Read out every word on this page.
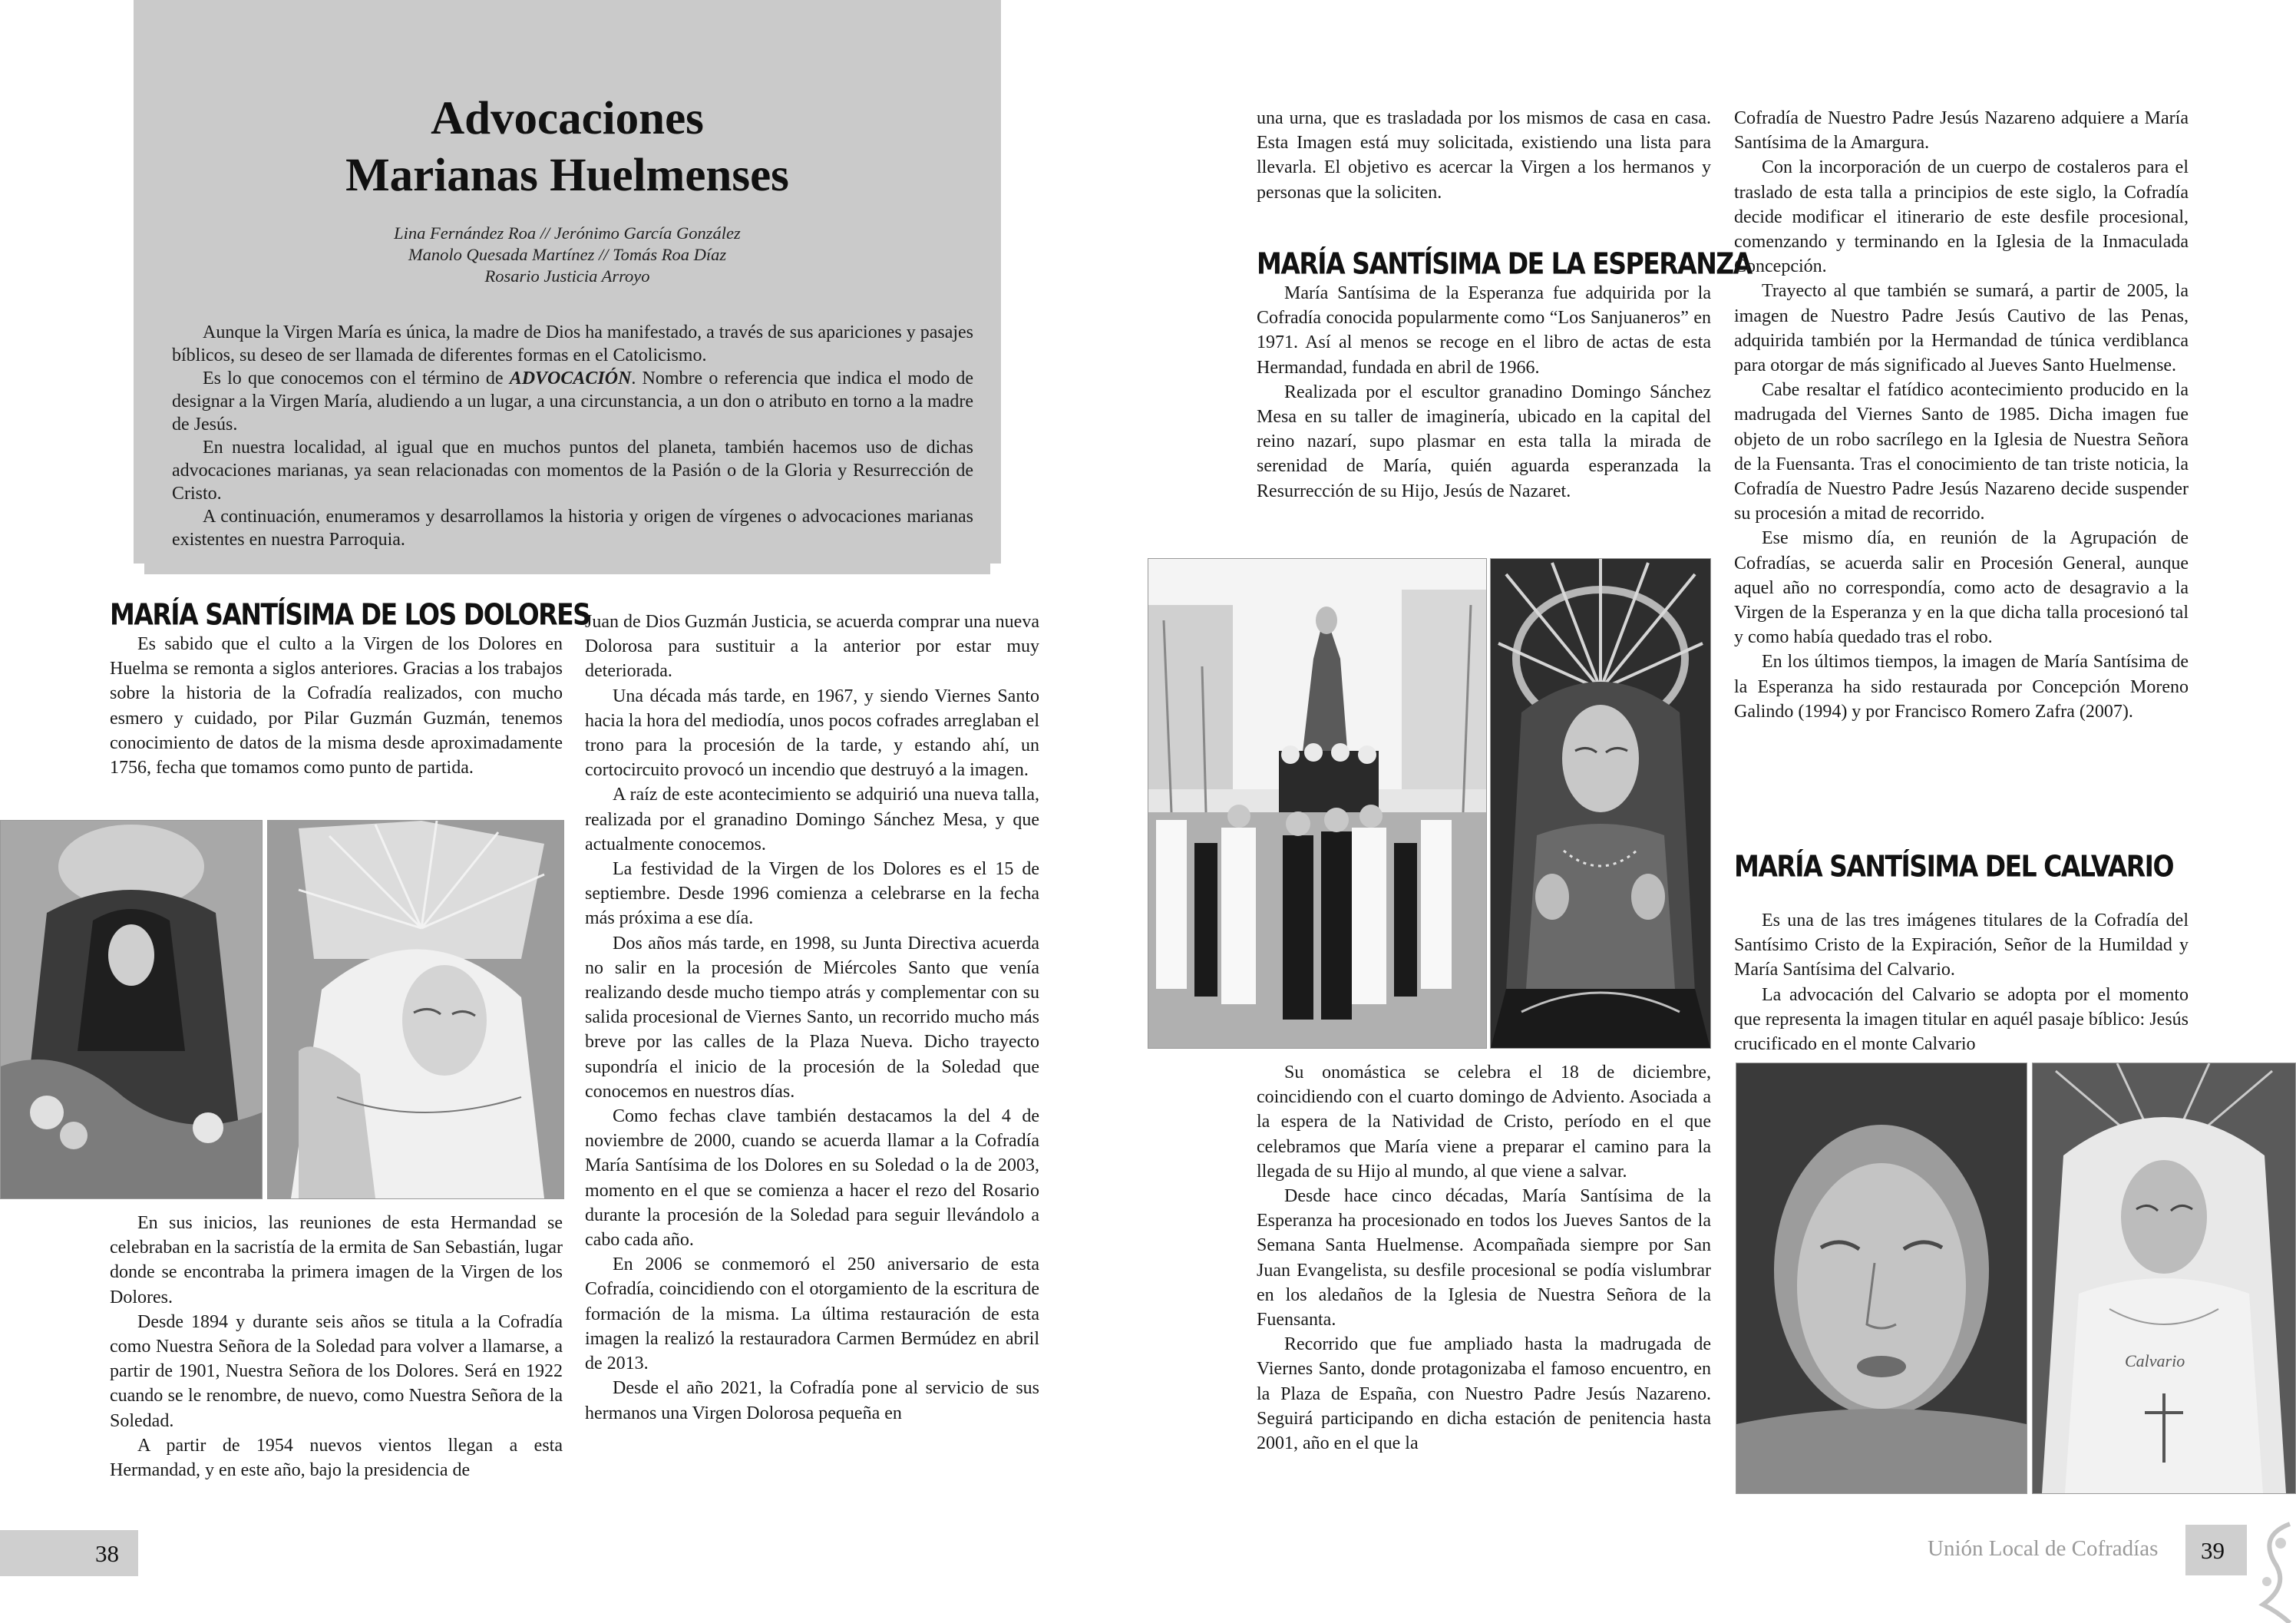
Advocaciones
Marianas Huelmenses
Lina Fernández Roa // Jerónimo García González
Manolo Quesada Martínez // Tomás Roa Díaz
Rosario Justicia Arroyo

Aunque la Virgen María es única, la madre de Dios ha manifestado, a través de sus apariciones y pasajes bíblicos, su deseo de ser llamada de diferentes formas en el Catolicismo.

Es lo que conocemos con el término de ADVOCACIÓN. Nombre o referencia que indica el modo de designar a la Virgen María, aludiendo a un lugar, a una circunstancia, a un don o atributo en torno a la madre de Jesús.

En nuestra localidad, al igual que en muchos puntos del planeta, también hacemos uso de dichas advocaciones marianas, ya sean relacionadas con momentos de la Pasión o de la Gloria y Resurrección de Cristo.

A continuación, enumeramos y desarrollamos la historia y origen de vírgenes o advocaciones marianas existentes en nuestra Parroquia.

MARÍA SANTÍSIMA DE LOS DOLORES

Es sabido que el culto a la Virgen de los Dolores en Huelma se remonta a siglos anteriores. Gracias a los trabajos sobre la historia de la Cofradía realizados, con mucho esmero y cuidado, por Pilar Guzmán Guzmán, tenemos conocimiento de datos de la misma desde aproximadamente 1756, fecha que tomamos como punto de partida.

En sus inicios, las reuniones de esta Hermandad se celebraban en la sacristía de la ermita de San Sebastián, lugar donde se encontraba la primera imagen de la Virgen de los Dolores.

Desde 1894 y durante seis años se titula a la Cofradía como Nuestra Señora de la Soledad para volver a llamarse, a partir de 1901, Nuestra Señora de los Dolores. Será en 1922 cuando se le renombre, de nuevo, como Nuestra Señora de la Soledad.

A partir de 1954 nuevos vientos llegan a esta Hermandad, y en este año, bajo la presidencia de

Juan de Dios Guzmán Justicia, se acuerda comprar una nueva Dolorosa para sustituir a la anterior por estar muy deteriorada.

Una década más tarde, en 1967, y siendo Viernes Santo hacia la hora del mediodía, unos pocos cofrades arreglaban el trono para la procesión de la tarde, y estando ahí, un cortocircuito provocó un incendio que destruyó a la imagen.

A raíz de este acontecimiento se adquirió una nueva talla, realizada por el granadino Domingo Sánchez Mesa, y que actualmente conocemos.

La festividad de la Virgen de los Dolores es el 15 de septiembre. Desde 1996 comienza a celebrarse en la fecha más próxima a ese día.

Dos años más tarde, en 1998, su Junta Directiva acuerda no salir en la procesión de Miércoles Santo que venía realizando desde mucho tiempo atrás y complementar con su salida procesional de Viernes Santo, un recorrido mucho más breve por las calles de la Plaza Nueva. Dicho trayecto supondría el inicio de la procesión de la Soledad que conocemos en nuestros días.

Como fechas clave también destacamos la del 4 de noviembre de 2000, cuando se acuerda llamar a la Cofradía María Santísima de los Dolores en su Soledad o la de 2003, momento en el que se comienza a hacer el rezo del Rosario durante la procesión de la Soledad para seguir llevándolo a cabo cada año.

En 2006 se conmemoró el 250 aniversario de esta Cofradía, coincidiendo con el otorgamiento de la escritura de formación de la misma. La última restauración de esta imagen la realizó la restauradora Carmen Bermúdez en abril de 2013.

Desde el año 2021, la Cofradía pone al servicio de sus hermanos una Virgen Dolorosa pequeña en

38

una urna, que es trasladada por los mismos de casa en casa. Esta Imagen está muy solicitada, existiendo una lista para llevarla. El objetivo es acercar la Virgen a los hermanos y personas que la soliciten.

MARÍA SANTÍSIMA DE LA ESPERANZA

María Santísima de la Esperanza fue adquirida por la Cofradía conocida popularmente como “Los Sanjuaneros” en 1971. Así al menos se recoge en el libro de actas de esta Hermandad, fundada en abril de 1966.

Realizada por el escultor granadino Domingo Sánchez Mesa en su taller de imaginería, ubicado en la capital del reino nazarí, supo plasmar en esta talla la mirada de serenidad de María, quién aguarda esperanzada la Resurrección de su Hijo, Jesús de Nazaret.

Su onomástica se celebra el 18 de diciembre, coincidiendo con el cuarto domingo de Adviento. Asociada a la espera de la Natividad de Cristo, período en el que celebramos que María viene a preparar el camino para la llegada de su Hijo al mundo, al que viene a salvar.

Desde hace cinco décadas, María Santísima de la Esperanza ha procesionado en todos los Jueves Santos de la Semana Santa Huelmense. Acompañada siempre por San Juan Evangelista, su desfile procesional se podía vislumbrar en los aledaños de la Iglesia de Nuestra Señora de la Fuensanta.

Recorrido que fue ampliado hasta la madrugada de Viernes Santo, donde protagonizaba el famoso encuentro, en la Plaza de España, con Nuestro Padre Jesús Nazareno. Seguirá participando en dicha estación de penitencia hasta 2001, año en el que la

Cofradía de Nuestro Padre Jesús Nazareno adquiere a María Santísima de la Amargura.

Con la incorporación de un cuerpo de costaleros para el traslado de esta talla a principios de este siglo, la Cofradía decide modificar el itinerario de este desfile procesional, comenzando y terminando en la Iglesia de la Inmaculada Concepción.

Trayecto al que también se sumará, a partir de 2005, la imagen de Nuestro Padre Jesús Cautivo de las Penas, adquirida también por la Hermandad de túnica verdiblanca para otorgar de más significado al Jueves Santo Huelmense.

Cabe resaltar el fatídico acontecimiento producido en la madrugada del Viernes Santo de 1985. Dicha imagen fue objeto de un robo sacrílego en la Iglesia de Nuestra Señora de la Fuensanta. Tras el conocimiento de tan triste noticia, la Cofradía de Nuestro Padre Jesús Nazareno decide suspender su procesión a mitad de recorrido.

Ese mismo día, en reunión de la Agrupación de Cofradías, se acuerda salir en Procesión General, aunque aquel año no correspondía, como acto de desagravio a la Virgen de la Esperanza y en la que dicha talla procesionó tal y como había quedado tras el robo.

En los últimos tiempos, la imagen de María Santísima de la Esperanza ha sido restaurada por Concepción Moreno Galindo (1994) y por Francisco Romero Zafra (2007).

MARÍA SANTÍSIMA DEL CALVARIO

Es una de las tres imágenes titulares de la Cofradía del Santísimo Cristo de la Expiración, Señor de la Humildad y María Santísima del Calvario.

La advocación del Calvario se adopta por el momento que representa la imagen titular en aquél pasaje bíblico: Jesús crucificado en el monte Calvario

Calvario
Unión Local de Cofradías 39
